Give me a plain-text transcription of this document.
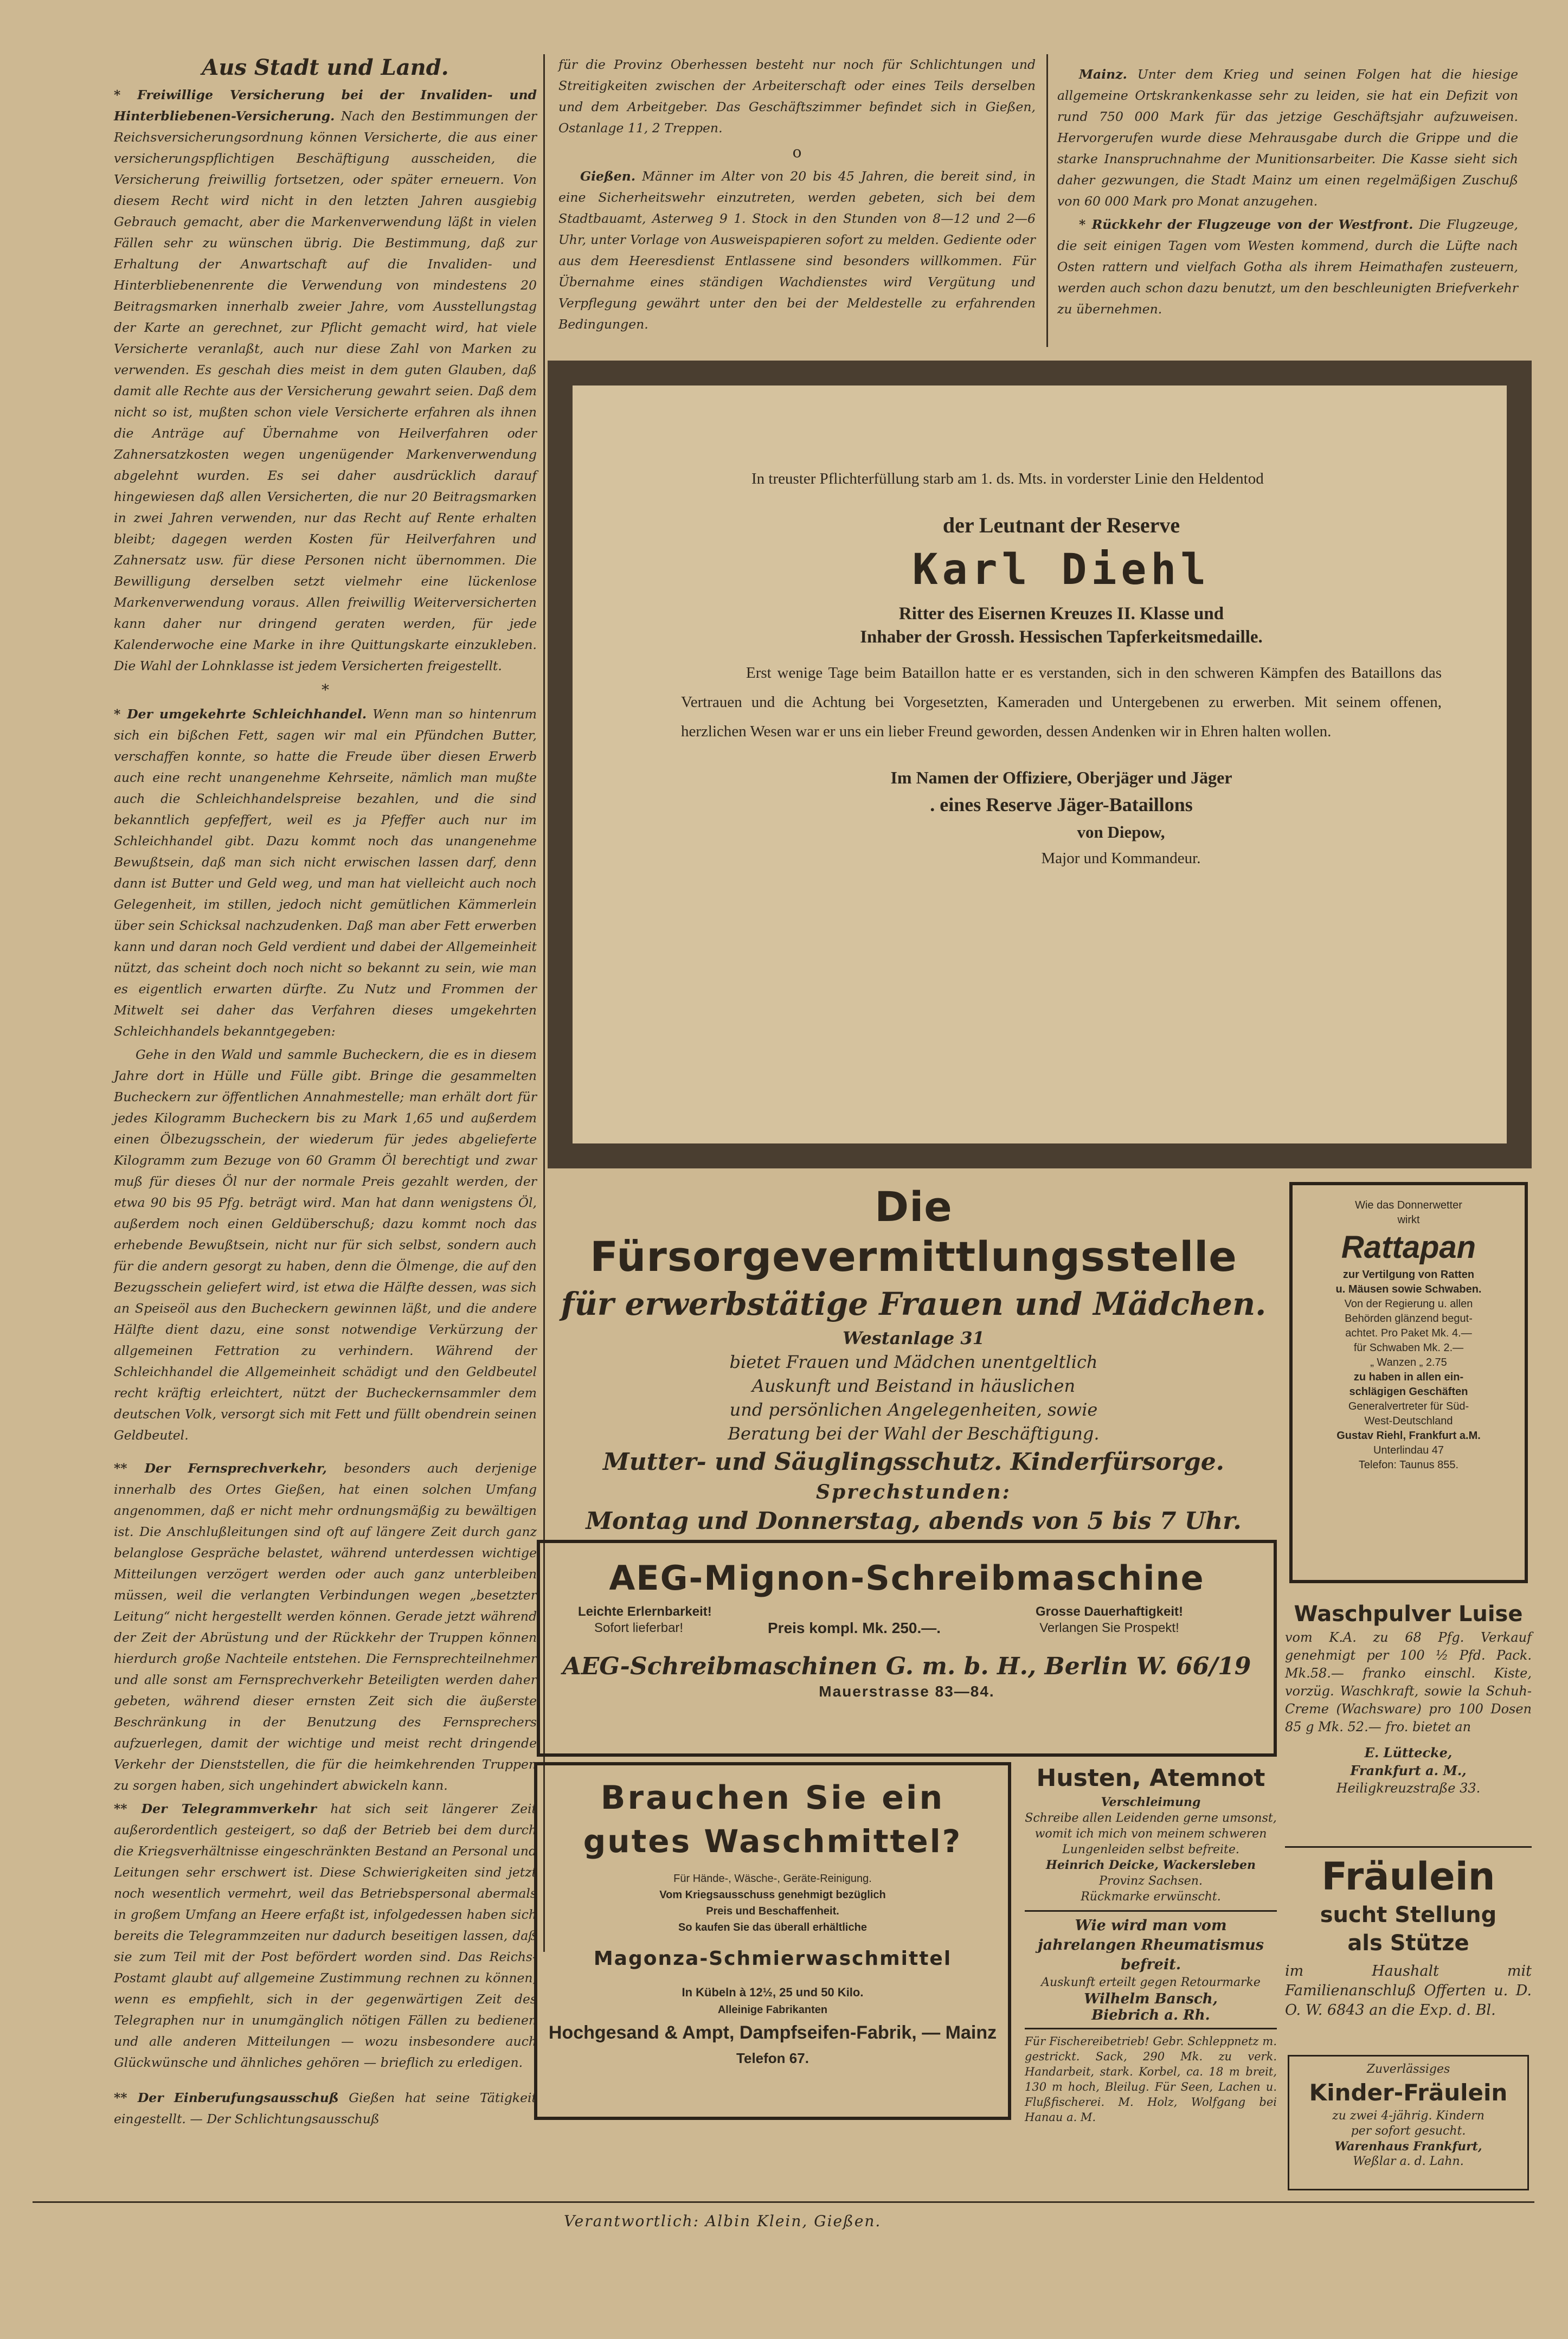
Aus Stadt und Land.

* Freiwillige Versicherung bei der Invaliden- und Hinterbliebenen-Versicherung. Nach den Bestimmungen der Reichsversicherungsordnung können Versicherte, die aus einer versicherungspflichtigen Beschäftigung ausscheiden, die Versicherung freiwillig fortsetzen, oder später erneuern. Von diesem Recht wird nicht in den letzten Jahren ausgiebig Gebrauch gemacht, aber die Markenverwendung läßt in vielen Fällen sehr zu wünschen übrig. Die Bestimmung, daß zur Erhaltung der Anwartschaft auf die Invaliden- und Hinterbliebenenrente die Verwendung von mindestens 20 Beitragsmarken innerhalb zweier Jahre, vom Ausstellungstag der Karte an gerechnet, zur Pflicht gemacht wird, hat viele Versicherte veranlaßt, auch nur diese Zahl von Marken zu verwenden. Es geschah dies meist in dem guten Glauben, daß damit alle Rechte aus der Versicherung gewahrt seien. Daß dem nicht so ist, mußten schon viele Versicherte erfahren als ihnen die Anträge auf Übernahme von Heilverfahren oder Zahnersatzkosten wegen ungenügender Markenverwendung abgelehnt wurden. Es sei daher ausdrücklich darauf hingewiesen daß allen Versicherten, die nur 20 Beitragsmarken in zwei Jahren verwenden, nur das Recht auf Rente erhalten bleibt; dagegen werden Kosten für Heilverfahren und Zahnersatz usw. für diese Personen nicht übernommen. Die Bewilligung derselben setzt vielmehr eine lückenlose Markenverwendung voraus. Allen freiwillig Weiterversicherten kann daher nur dringend geraten werden, für jede Kalenderwoche eine Marke in ihre Quittungskarte einzukleben. Die Wahl der Lohnklasse ist jedem Versicherten freigestellt.

*

* Der umgekehrte Schleichhandel. Wenn man so hintenrum sich ein bißchen Fett, sagen wir mal ein Pfündchen Butter, verschaffen konnte, so hatte die Freude über diesen Erwerb auch eine recht unangenehme Kehrseite, nämlich man mußte auch die Schleichhandelspreise bezahlen, und die sind bekanntlich gepfeffert, weil es ja Pfeffer auch nur im Schleichhandel gibt. Dazu kommt noch das unangenehme Bewußtsein, daß man sich nicht erwischen lassen darf, denn dann ist Butter und Geld weg, und man hat vielleicht auch noch Gelegenheit, im stillen, jedoch nicht gemütlichen Kämmerlein über sein Schicksal nachzudenken. Daß man aber Fett erwerben kann und daran noch Geld verdient und dabei der Allgemeinheit nützt, das scheint doch noch nicht so bekannt zu sein, wie man es eigentlich erwarten dürfte. Zu Nutz und Frommen der Mitwelt sei daher das Verfahren dieses umgekehrten Schleichhandels bekanntgegeben:

Gehe in den Wald und sammle Bucheckern, die es in diesem Jahre dort in Hülle und Fülle gibt. Bringe die gesammelten Bucheckern zur öffentlichen Annahmestelle; man erhält dort für jedes Kilogramm Bucheckern bis zu Mark 1,65 und außerdem einen Ölbezugsschein, der wiederum für jedes abgelieferte Kilogramm zum Bezuge von 60 Gramm Öl berechtigt und zwar muß für dieses Öl nur der normale Preis gezahlt werden, der etwa 90 bis 95 Pfg. beträgt wird. Man hat dann wenigstens Öl, außerdem noch einen Geldüberschuß; dazu kommt noch das erhebende Bewußtsein, nicht nur für sich selbst, sondern auch für die andern gesorgt zu haben, denn die Ölmenge, die auf den Bezugsschein geliefert wird, ist etwa die Hälfte dessen, was sich an Speiseöl aus den Bucheckern gewinnen läßt, und die andere Hälfte dient dazu, eine sonst notwendige Verkürzung der allgemeinen Fettration zu verhindern. Während der Schleichhandel die Allgemeinheit schädigt und den Geldbeutel recht kräftig erleichtert, nützt der Bucheckernsammler dem deutschen Volk, versorgt sich mit Fett und füllt obendrein seinen Geldbeutel.

** Der Fernsprechverkehr, besonders auch derjenige innerhalb des Ortes Gießen, hat einen solchen Umfang angenommen, daß er nicht mehr ordnungsmäßig zu bewältigen ist. Die Anschlußleitungen sind oft auf längere Zeit durch ganz belanglose Gespräche belastet, während unterdessen wichtige Mitteilungen verzögert werden oder auch ganz unterbleiben müssen, weil die verlangten Verbindungen wegen „besetzter Leitung“ nicht hergestellt werden können. Gerade jetzt während der Zeit der Abrüstung und der Rückkehr der Truppen können hierdurch große Nachteile entstehen. Die Fernsprechteilnehmer und alle sonst am Fernsprechverkehr Beteiligten werden daher gebeten, während dieser ernsten Zeit sich die äußerste Beschränkung in der Benutzung des Fernsprechers aufzuerlegen, damit der wichtige und meist recht dringende Verkehr der Dienststellen, die für die heimkehrenden Truppen zu sorgen haben, sich ungehindert abwickeln kann.

** Der Telegrammverkehr hat sich seit längerer Zeit außerordentlich gesteigert, so daß der Betrieb bei dem durch die Kriegsverhältnisse eingeschränkten Bestand an Personal und Leitungen sehr erschwert ist. Diese Schwierigkeiten sind jetzt noch wesentlich vermehrt, weil das Betriebspersonal abermals in großem Umfang an Heere erfaßt ist, infolgedessen haben sich bereits die Telegrammzeiten nur dadurch beseitigen lassen, daß sie zum Teil mit der Post befördert worden sind. Das Reichs-Postamt glaubt auf allgemeine Zustimmung rechnen zu können, wenn es empfiehlt, sich in der gegenwärtigen Zeit des Telegraphen nur in unumgänglich nötigen Fällen zu bedienen und alle anderen Mitteilungen — wozu insbesondere auch Glückwünsche und ähnliches gehören — brieflich zu erledigen.

** Der Einberufungsausschuß Gießen hat seine Tätigkeit eingestellt. — Der Schlichtungsausschuß

für die Provinz Oberhessen besteht nur noch für Schlichtungen und Streitigkeiten zwischen der Arbeiterschaft oder eines Teils derselben und dem Arbeitgeber. Das Geschäftszimmer befindet sich in Gießen, Ostanlage 11, 2 Treppen.

o

Gießen. Männer im Alter von 20 bis 45 Jahren, die bereit sind, in eine Sicherheitswehr einzutreten, werden gebeten, sich bei dem Stadtbauamt, Asterweg 9 1. Stock in den Stunden von 8—12 und 2—6 Uhr, unter Vorlage von Ausweispapieren sofort zu melden. Gediente oder aus dem Heeresdienst Entlassene sind besonders willkommen. Für Übernahme eines ständigen Wachdienstes wird Vergütung und Verpflegung gewährt unter den bei der Meldestelle zu erfahrenden Bedingungen.

Mainz. Unter dem Krieg und seinen Folgen hat die hiesige allgemeine Ortskrankenkasse sehr zu leiden, sie hat ein Defizit von rund 750 000 Mark für das jetzige Geschäftsjahr aufzuweisen. Hervorgerufen wurde diese Mehrausgabe durch die Grippe und die starke Inanspruchnahme der Munitionsarbeiter. Die Kasse sieht sich daher gezwungen, die Stadt Mainz um einen regelmäßigen Zuschuß von 60 000 Mark pro Monat anzugehen.

* Rückkehr der Flugzeuge von der Westfront. Die Flugzeuge, die seit einigen Tagen vom Westen kommend, durch die Lüfte nach Osten rattern und vielfach Gotha als ihrem Heimathafen zusteuern, werden auch schon dazu benutzt, um den beschleunigten Briefverkehr zu übernehmen.

In treuster Pflichterfüllung starb am 1. ds. Mts. in vorderster Linie den Heldentod
der Leutnant der Reserve
Karl Diehl
Ritter des Eisernen Kreuzes II. Klasse und
Inhaber der Grossh. Hessischen Tapferkeitsmedaille.
Erst wenige Tage beim Bataillon hatte er es verstanden, sich in den schweren Kämpfen des Bataillons das Vertrauen und die Achtung bei Vorgesetzten, Kameraden und Untergebenen zu erwerben. Mit seinem offenen, herzlichen Wesen war er uns ein lieber Freund geworden, dessen Andenken wir in Ehren halten wollen.
Im Namen der Offiziere, Oberjäger und Jäger
. eines Reserve Jäger-Bataillons
von Diepow,
Major und Kommandeur.
Die Fürsorgevermittlungsstelle
für erwerbstätige Frauen und Mädchen.
Westanlage 31
bietet Frauen und Mädchen unentgeltlich
Auskunft und Beistand in häuslichen
und persönlichen Angelegenheiten, sowie
Beratung bei der Wahl der Beschäftigung.
Mutter- und Säuglingsschutz. Kinderfürsorge.
Sprechstunden:
Montag und Donnerstag, abends von 5 bis 7 Uhr.
Wie das Donnerwetter
wirkt
Rattapan
zur Vertilgung von Ratten
u. Mäusen sowie Schwaben.
Von der Regierung u. allen
Behörden glänzend begut-
achtet. Pro Paket Mk. 4.—
für Schwaben Mk. 2.—
„ Wanzen „ 2.75
zu haben in allen ein-
schlägigen Geschäften
Generalvertreter für Süd-
West-Deutschland
Gustav Riehl, Frankfurt a.M.
Unterlindau 47
Telefon: Taunus 855.
AEG-Mignon-Schreibmaschine
Leichte Erlernbarkeit!
Sofort lieferbar!	Preis kompl. Mk. 250.—.
Grosse Dauerhaftigkeit!
Verlangen Sie Prospekt!
AEG-Schreibmaschinen G. m. b. H., Berlin W. 66/19
Mauerstrasse 83—84.
Waschpulver Luise
vom K.A. zu 68 Pfg. Verkauf genehmigt per 100 ½ Pfd. Pack. Mk.58.— franko einschl. Kiste, vorzüg. Waschkraft, sowie la Schuh-Creme (Wachsware) pro 100 Dosen 85 g Mk. 52.— fro. bietet an
E. Lüttecke,
Frankfurt a. M.,
Heiligkreuzstraße 33.
Brauchen Sie ein
gutes Waschmittel?
Für Hände-, Wäsche-, Geräte-Reinigung.
Vom Kriegsausschuss genehmigt bezüglich
Preis und Beschaffenheit.
So kaufen Sie das überall erhältliche
Magonza-Schmierwaschmittel
In Kübeln à 12½, 25 und 50 Kilo.
Alleinige Fabrikanten
Hochgesand & Ampt, Dampfseifen-Fabrik, — Mainz
Telefon 67.
Husten, Atemnot
Verschleimung
Schreibe allen Leidenden gerne umsonst, womit ich mich von meinem schweren Lungenleiden selbst befreite.
Heinrich Deicke, Wackersleben
Provinz Sachsen.
Rückmarke erwünscht.
Wie wird man vom jahrelangen Rheumatismus befreit.
Auskunft erteilt gegen Retourmarke
Wilhelm Bansch,
Biebrich a. Rh.
Für Fischereibetrieb! Gebr. Schleppnetz m. gestrickt. Sack, 290 Mk. zu verk. Handarbeit, stark. Korbel, ca. 18 m breit, 130 m hoch, Bleilug. Für Seen, Lachen u. Flußfischerei. M. Holz, Wolfgang bei Hanau a. M.
Fräulein
sucht Stellung
als Stütze
im Haushalt mit Familienanschluß Offerten u. D. O. W. 6843 an die Exp. d. Bl.
Zuverlässiges
Kinder-Fräulein
zu zwei 4-jährig. Kindern
per sofort gesucht.
Warenhaus Frankfurt,
Weßlar a. d. Lahn.
Verantwortlich: Albin Klein, Gießen.
